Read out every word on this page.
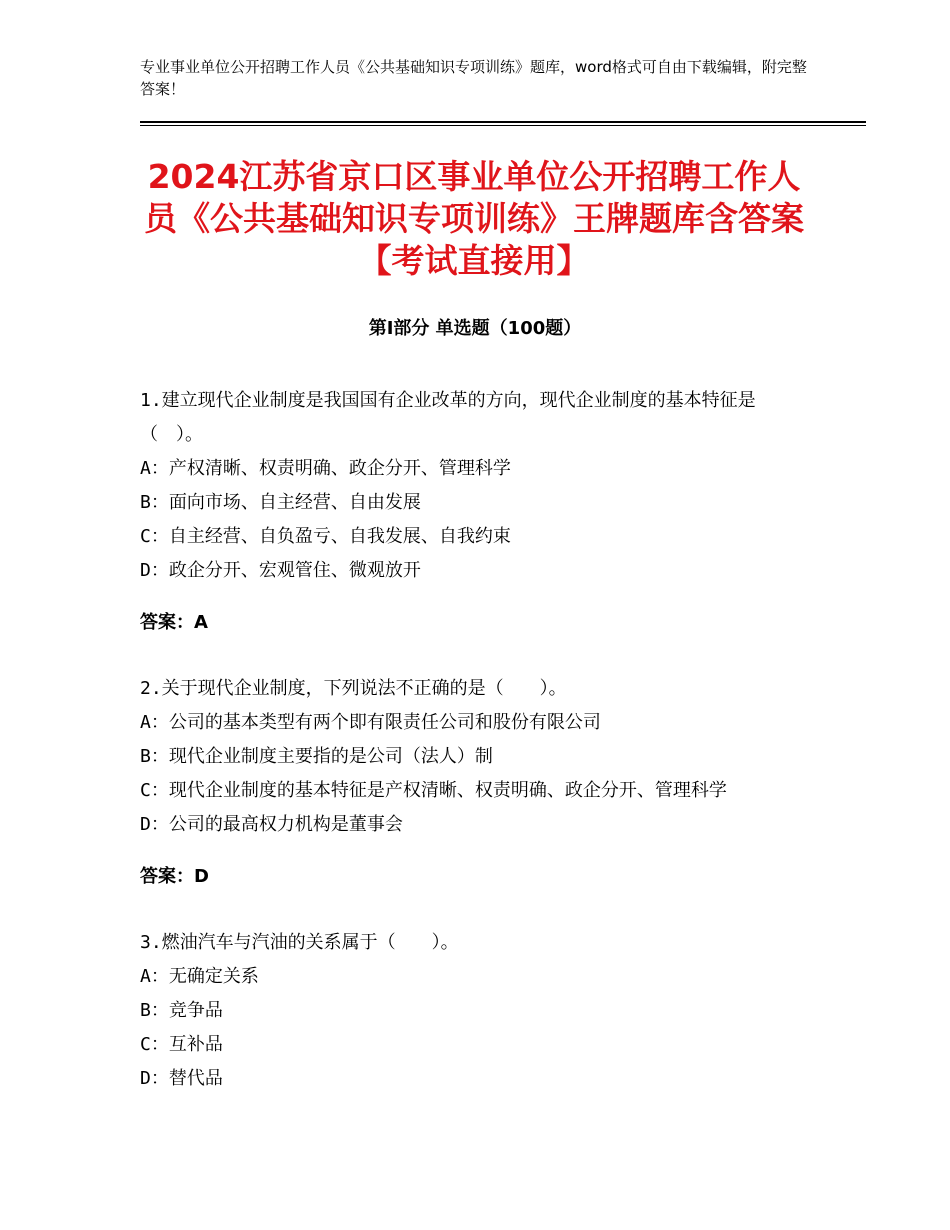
专业事业单位公开招聘工作人员《公共基础知识专项训练》题库，word格式可自由下载编辑，附完整答案！
2024江苏省京口区事业单位公开招聘工作人员《公共基础知识专项训练》王牌题库含答案【考试直接用】
第Ⅰ部分 单选题（100题）

1.建立现代企业制度是我国国有企业改革的方向，现代企业制度的基本特征是（　）。

A：产权清晰、权责明确、政企分开、管理科学

B：面向市场、自主经营、自由发展

C：自主经营、自负盈亏、自我发展、自我约束

D：政企分开、宏观管住、微观放开

答案：A

2.关于现代企业制度，下列说法不正确的是（　　）。

A：公司的基本类型有两个即有限责任公司和股份有限公司

B：现代企业制度主要指的是公司（法人）制

C：现代企业制度的基本特征是产权清晰、权责明确、政企分开、管理科学

D：公司的最高权力机构是董事会

答案：D

3.燃油汽车与汽油的关系属于（　　）。

A：无确定关系

B：竞争品

C：互补品

D：替代品
